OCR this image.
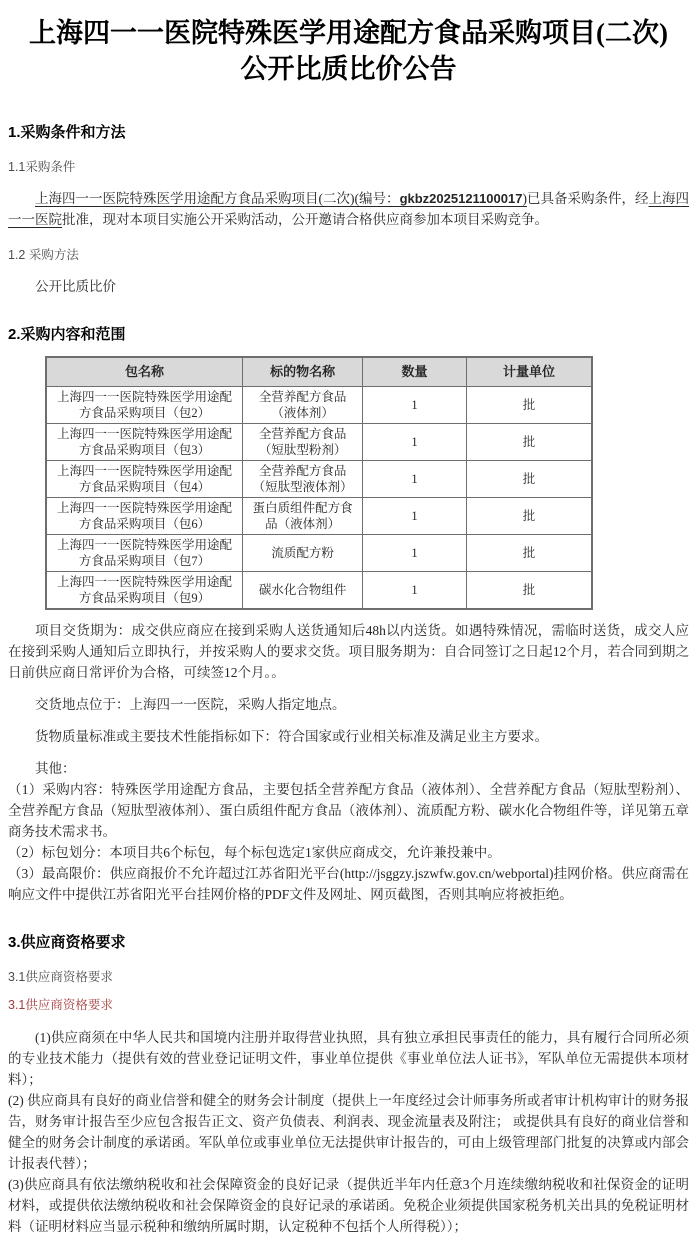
上海四一一医院特殊医学用途配方食品采购项目(二次)公开比质比价公告
1.采购条件和方法

1.1采购条件

上海四一一医院特殊医学用途配方食品采购项目(二次)(编号：gkbz2025121100017)已具备采购条件，经上海四一一医院批准，现对本项目实施公开采购活动，公开邀请合格供应商参加本项目采购竞争。

1.2 采购方法

公开比质比价

2.采购内容和范围
包名称	标的物名称	数量	计量单位
上海四一一医院特殊医学用途配方食品采购项目（包2）	全营养配方食品（液体剂）	1	批
上海四一一医院特殊医学用途配方食品采购项目（包3）	全营养配方食品（短肽型粉剂）	1	批
上海四一一医院特殊医学用途配方食品采购项目（包4）	全营养配方食品（短肽型液体剂）	1	批
上海四一一医院特殊医学用途配方食品采购项目（包6）	蛋白质组件配方食品（液体剂）	1	批
上海四一一医院特殊医学用途配方食品采购项目（包7）	流质配方粉	1	批
上海四一一医院特殊医学用途配方食品采购项目（包9）	碳水化合物组件	1	批

项目交货期为：成交供应商应在接到采购人送货通知后48h以内送货。如遇特殊情况，需临时送货，成交人应在接到采购人通知后立即执行，并按采购人的要求交货。项目服务期为：自合同签订之日起12个月，若合同到期之日前供应商日常评价为合格，可续签12个月。。

交货地点位于：上海四一一医院，采购人指定地点。

货物质量标准或主要技术性能指标如下：符合国家或行业相关标准及满足业主方要求。

其他：

（1）采购内容：特殊医学用途配方食品，主要包括全营养配方食品（液体剂）、全营养配方食品（短肽型粉剂）、全营养配方食品（短肽型液体剂）、蛋白质组件配方食品（液体剂）、流质配方粉、碳水化合物组件等，详见第五章商务技术需求书。

（2）标包划分：本项目共6个标包，每个标包选定1家供应商成交，允许兼投兼中。

（3）最高限价：供应商报价不允许超过江苏省阳光平台(http://jsggzy.jszwfw.gov.cn/webportal)挂网价格。供应商需在响应文件中提供江苏省阳光平台挂网价格的PDF文件及网址、网页截图，否则其响应将被拒绝。

3.供应商资格要求

3.1供应商资格要求

3.1供应商资格要求

(1)供应商须在中华人民共和国境内注册并取得营业执照，具有独立承担民事责任的能力，具有履行合同所必须的专业技术能力（提供有效的营业登记证明文件，事业单位提供《事业单位法人证书》，军队单位无需提供本项材料）；

(2) 供应商具有良好的商业信誉和健全的财务会计制度（提供上一年度经过会计师事务所或者审计机构审计的财务报告，财务审计报告至少应包含报告正文、资产负债表、利润表、现金流量表及附注； 或提供具有良好的商业信誉和健全的财务会计制度的承诺函。军队单位或事业单位无法提供审计报告的，可由上级管理部门批复的决算或内部会计报表代替）；

(3)供应商具有依法缴纳税收和社会保障资金的良好记录（提供近半年内任意3个月连续缴纳税收和社保资金的证明材料，或提供依法缴纳税收和社会保障资金的良好记录的承诺函。免税企业须提供国家税务机关出具的免税证明材料（证明材料应当显示税种和缴纳所属时期，认定税种不包括个人所得税））；
